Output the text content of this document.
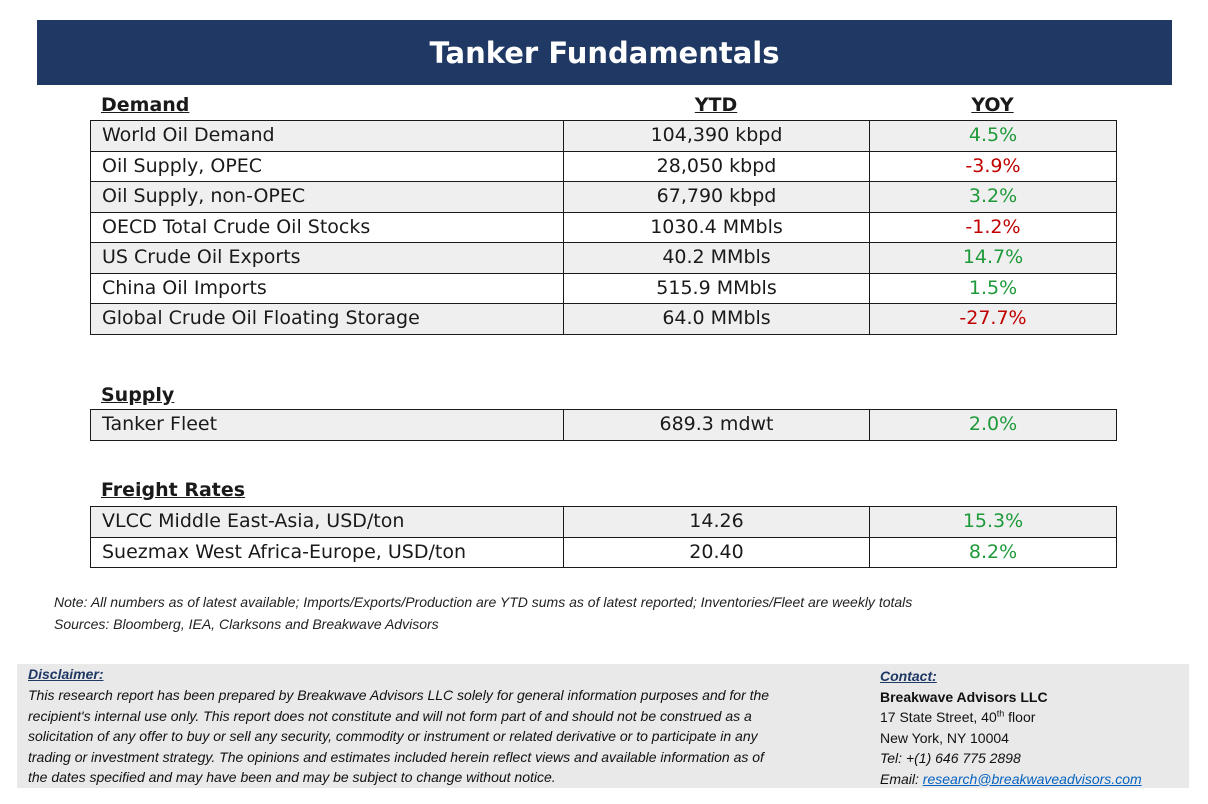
Tanker Fundamentals
Demand	YTD	YOY
World Oil Demand	104,390 kbpd	4.5%
Oil Supply, OPEC	28,050 kbpd	-3.9%
Oil Supply, non-OPEC	67,790 kbpd	3.2%
OECD Total Crude Oil Stocks	1030.4 MMbls	-1.2%
US Crude Oil Exports	40.2 MMbls	14.7%
China Oil Imports	515.9 MMbls	1.5%
Global Crude Oil Floating Storage	64.0 MMbls	-27.7%
Supply
Tanker Fleet	689.3 mdwt	2.0%
Freight Rates
VLCC Middle East-Asia, USD/ton	14.26	15.3%
Suezmax West Africa-Europe, USD/ton	20.40	8.2%
Note: All numbers as of latest available; Imports/Exports/Production are YTD sums as of latest reported; Inventories/Fleet are weekly totals
Sources: Bloomberg, IEA, Clarksons and Breakwave Advisors
Disclaimer:
This research report has been prepared by Breakwave Advisors LLC solely for general information purposes and for the
recipient's internal use only. This report does not constitute and will not form part of and should not be construed as a
solicitation of any offer to buy or sell any security, commodity or instrument or related derivative or to participate in any
trading or investment strategy. The opinions and estimates included herein reflect views and available information as of
the dates specified and may have been and may be subject to change without notice.
Contact:
Breakwave Advisors LLC
17 State Street, 40th floor
New York, NY 10004
Tel: +(1) 646 775 2898
Email: research@breakwaveadvisors.com
